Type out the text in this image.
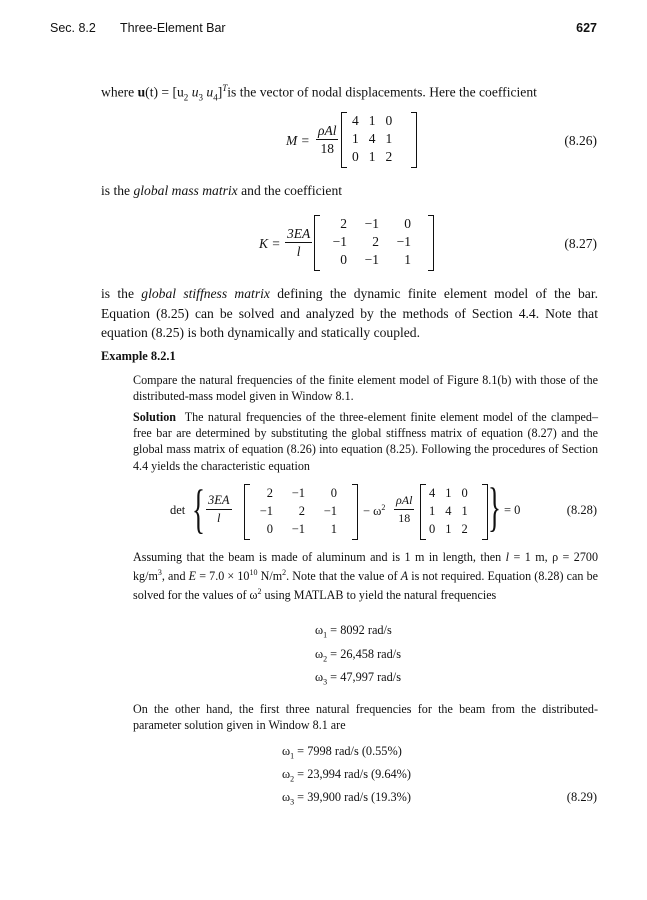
Sec. 8.2 Three-Element Bar	627
where $u(t) = [u_2$ $u_3$ $u_4]^Tis$ the vector of nodal displacements. Here the coefficient
M =
ρAl
18
4	1	0
1	4	1
0	1	2
(8.26)
is the global mass matrix and the coefficient
$K = \frac{3EA}{l}$
2	−1	0
−1	2	−1
0	−1	1
(8.27)
is the global stiffness matrix defining the dynamic finite element model of the bar. Equation (8.25) can be solved and analyzed by the methods of Section 4.4. Note that equation (8.25) is both dynamically and statically coupled.
Example 8.2.1
Compare the natural frequencies of the finite element model of Figure 8.1(b) with those of the distributed-mass model given in Window 8.1.
Solution The natural frequencies of the three-element finite element model of the clamped–free bar are determined by substituting the global stiffness matrix of equation (8.27) and the global mass matrix of equation (8.26) into equation (8.25). Following the procedures of Section 4.4 yields the characteristic equation
det { $\frac{3EA}{l}$	2	−1	0
−1	2	−1
0	−1	1
− $\omega^2$
ρAl
18
4	1	0
1	4	1
0	1	2 } = 0	(8.28)
Assuming that the beam is made of aluminum and is 1 m in length, then l = 1 m, ρ = 2700 $kg/m^3$, and $E = 7.0 \times 10^{10}$ $N/m^2$. Note that the value of A is not required. Equation (8.28) can be solved for the values of $\omega^2$ using MATLAB to yield the natural frequencies
$\omega_1 = 8092$ rad/s
$\omega_2 = 26,458$ rad/s
$\omega_3 = 47,997$ rad/s
On the other hand, the first three natural frequencies for the beam from the distributed-parameter solution given in Window 8.1 are
$\omega_1 = 7998$ rad/s (0.55%)
$\omega_2 = 23,994$ rad/s (9.64%)
$\omega_3 = 39,900$ rad/s (19.3%)	(8.29)
